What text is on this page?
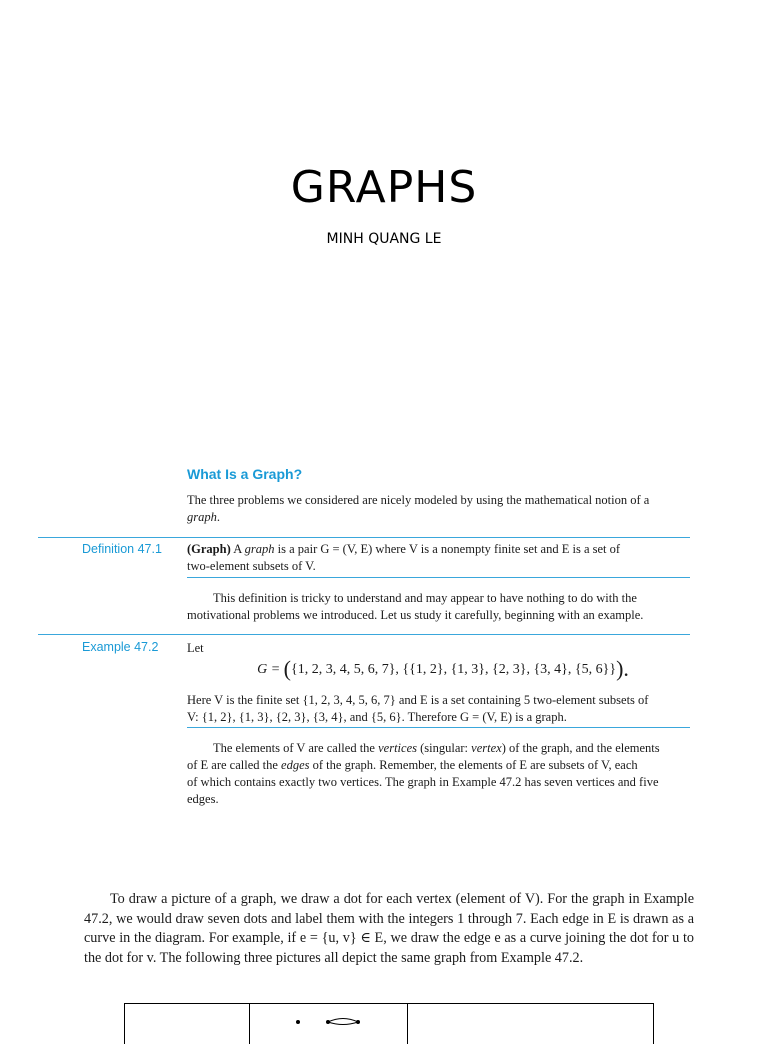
GRAPHS
MINH QUANG LE
What Is a Graph?
The three problems we considered are nicely modeled by using the mathematical notion of a
graph.
Definition 47.1 (Graph) A graph is a pair G = (V, E) where V is a nonempty finite set and E is a set of
two-element subsets of V.
This definition is tricky to understand and may appear to have nothing to do with the
motivational problems we introduced. Let us study it carefully, beginning with an example.
Example 47.2 Let
G = ({1, 2, 3, 4, 5, 6, 7}, {{1, 2}, {1, 3}, {2, 3}, {3, 4}, {5, 6}}).
Here V is the finite set {1, 2, 3, 4, 5, 6, 7} and E is a set containing 5 two-element subsets of
V: {1, 2}, {1, 3}, {2, 3}, {3, 4}, and {5, 6}. Therefore G = (V, E) is a graph.
The elements of V are called the vertices (singular: vertex) of the graph, and the elements
of E are called the edges of the graph. Remember, the elements of E are subsets of V, each
of which contains exactly two vertices. The graph in Example 47.2 has seven vertices and five
edges.

To draw a picture of a graph, we draw a dot for each vertex (element of V). For the graph in Example 47.2, we would draw seven dots and label them with the integers 1 through 7. Each edge in E is drawn as a curve in the diagram. For example, if e = {u, v} ∈ E, we draw the edge e as a curve joining the dot for u to the dot for v. The following three pictures all depict the same graph from Example 47.2.
